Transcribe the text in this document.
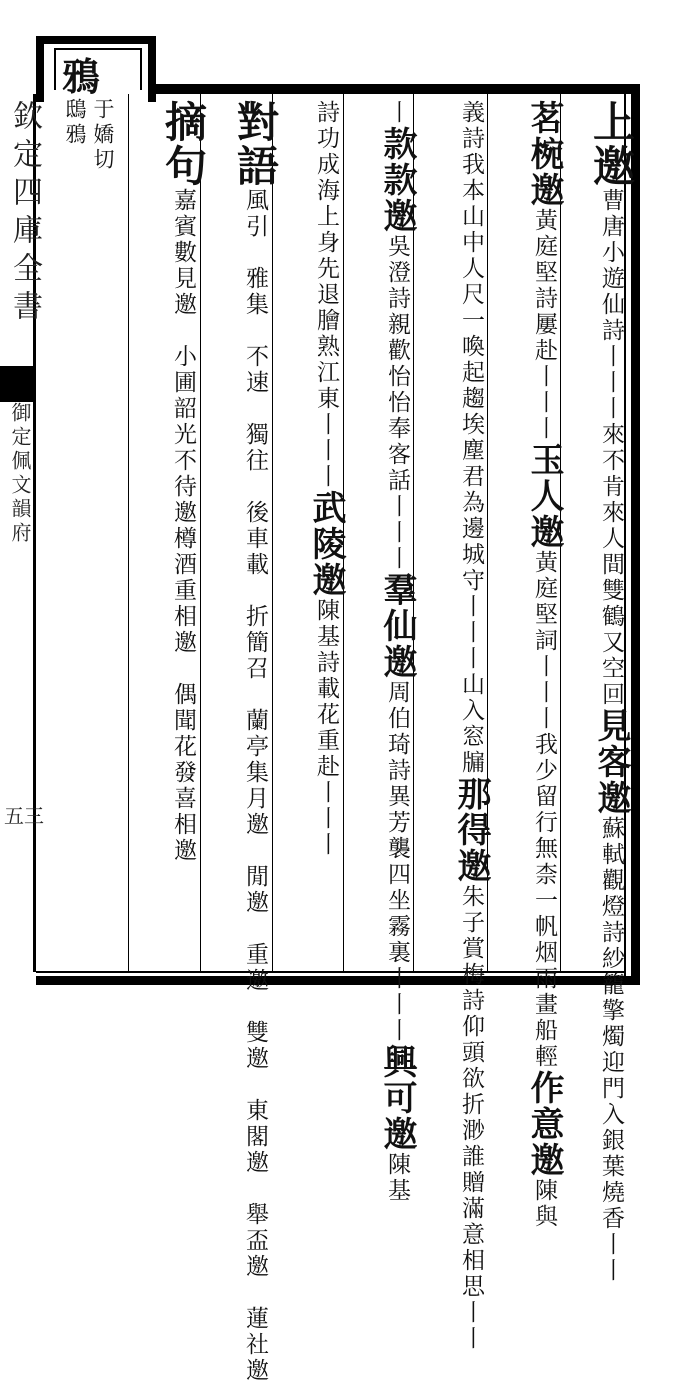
鴉
欽定四庫全書
御定佩文韻府
五三
于嬌切
鴟鴉	上邀曹唐小遊仙詩丨丨丨來不肯來人間雙鶴又空回見客邀蘇軾觀燈詩紗籠擎燭迎門入銀葉燒香丨丨
茗椀邀黃庭堅詩屢赴丨丨丨玉人邀黃庭堅詞丨丨丨我少留行無柰一帆烟雨畫船輕作意邀陳與
義詩我本山中人尺一喚起趨埃塵君為邊城守丨丨丨山入窓牖那得邀朱子賞梅詩仰頭欲折渺誰贈滿意相思丨丨
丨款款邀吳澄詩親歡怡怡奉客話丨丨丨羣仙邀周伯琦詩異芳襲四坐霧裏丨丨丨興可邀陳基
詩功成海上身先退膾熟江東丨丨丨武陵邀陳基詩載花重赴丨丨丨
對語風引　雅集　不速　獨往　後車載　折簡召　蘭亭集月邀　閒邀　重邀　雙邀　東閣邀　舉盃邀　蓮社邀
摘句嘉賓數見邀　小圃韶光不待邀樽酒重相邀　偶聞花發喜相邀
